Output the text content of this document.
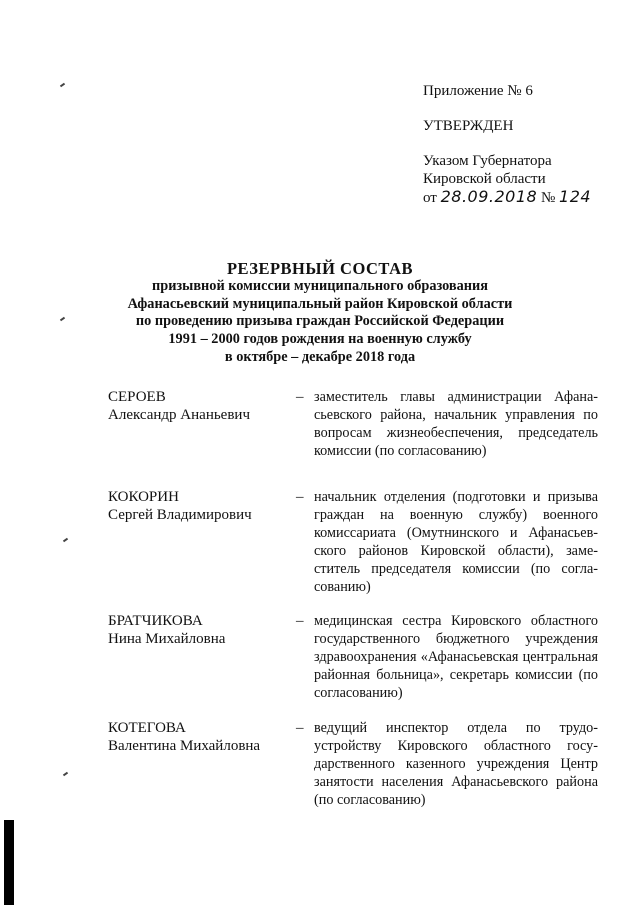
Приложение № 6
УТВЕРЖДЕН
Указом Губернатора
Кировской области
от 28.09.2018 № 124
РЕЗЕРВНЫЙ СОСТАВ
призывной комиссии муниципального образования
Афанасьевский муниципальный район Кировской области
по проведению призыва граждан Российской Федерации
1991 – 2000 годов рождения на военную службу
в октябре – декабре 2018 года
СЕРОЕВ
Александр Ананьевич
– заместитель главы администрации Афанасьевского района, начальник управления по вопросам жизнеобеспечения, председатель комиссии (по согласованию)
КОКОРИН
Сергей Владимирович
– начальник отделения (подготовки и призыва граждан на военную службу) военного комиссариата (Омутнинского и Афанасьевского районов Кировской области), заместитель председателя комиссии (по согласованию)
БРАТЧИКОВА
Нина Михайловна
– медицинская сестра Кировского областного государственного бюджетного учреждения здравоохранения «Афанасьевская центральная районная больница», секретарь комиссии (по согласованию)
КОТЕГОВА
Валентина Михайловна
– ведущий инспектор отдела по трудоустройству Кировского областного государственного казенного учреждения Центр занятости населения Афанасьевского района (по согласованию)
